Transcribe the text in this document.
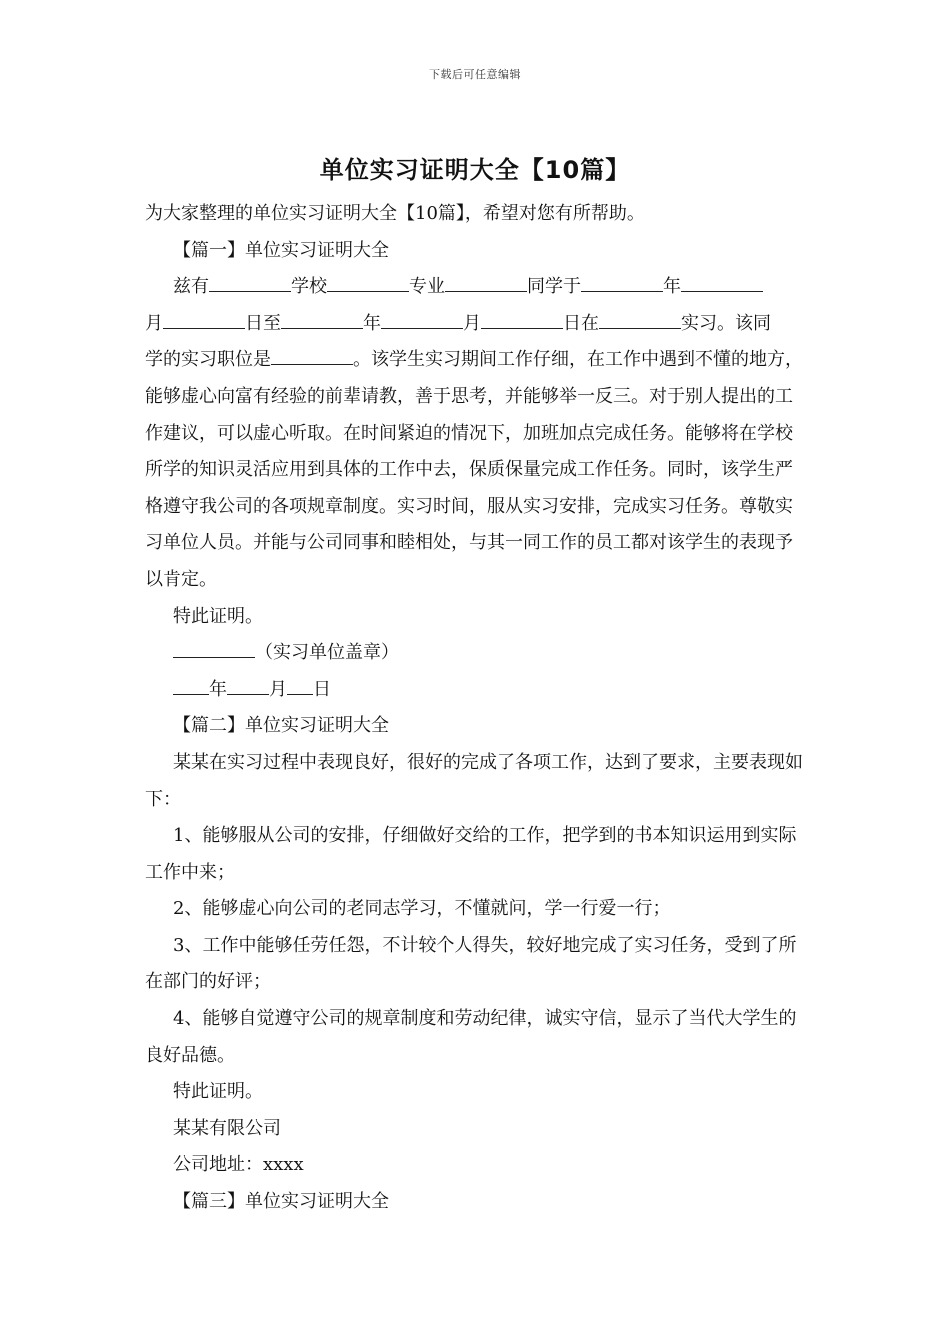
下载后可任意编辑
单位实习证明大全【10篇】

为大家整理的单位实习证明大全【10篇】，希望对您有所帮助。

【篇一】单位实习证明大全

兹有	学校	专业	同学于	年

月	日至	年	月	日在	实习。该同

学的实习职位是	。该学生实习期间工作仔细，在工作中遇到不懂的地方，能够虚心向富有经验的前辈请教，善于思考，并能够举一反三。对于别人提出的工作建议，可以虚心听取。在时间紧迫的情况下，加班加点完成任务。能够将在学校所学的知识灵活应用到具体的工作中去，保质保量完成工作任务。同时，该学生严格遵守我公司的各项规章制度。实习时间，服从实习安排，完成实习任务。尊敬实习单位人员。并能与公司同事和睦相处，与其一同工作的员工都对该学生的表现予以肯定。

特此证明。

（实习单位盖章）

年 月 日

【篇二】单位实习证明大全

某某在实习过程中表现良好，很好的完成了各项工作，达到了要求，主要表现如下：

1、能够服从公司的安排，仔细做好交给的工作，把学到的书本知识运用到实际工作中来；

2、能够虚心向公司的老同志学习，不懂就问，学一行爱一行；

3、工作中能够任劳任怨，不计较个人得失，较好地完成了实习任务，受到了所在部门的好评；

4、能够自觉遵守公司的规章制度和劳动纪律，诚实守信，显示了当代大学生的良好品德。

特此证明。

某某有限公司

公司地址：xxxx

【篇三】单位实习证明大全
